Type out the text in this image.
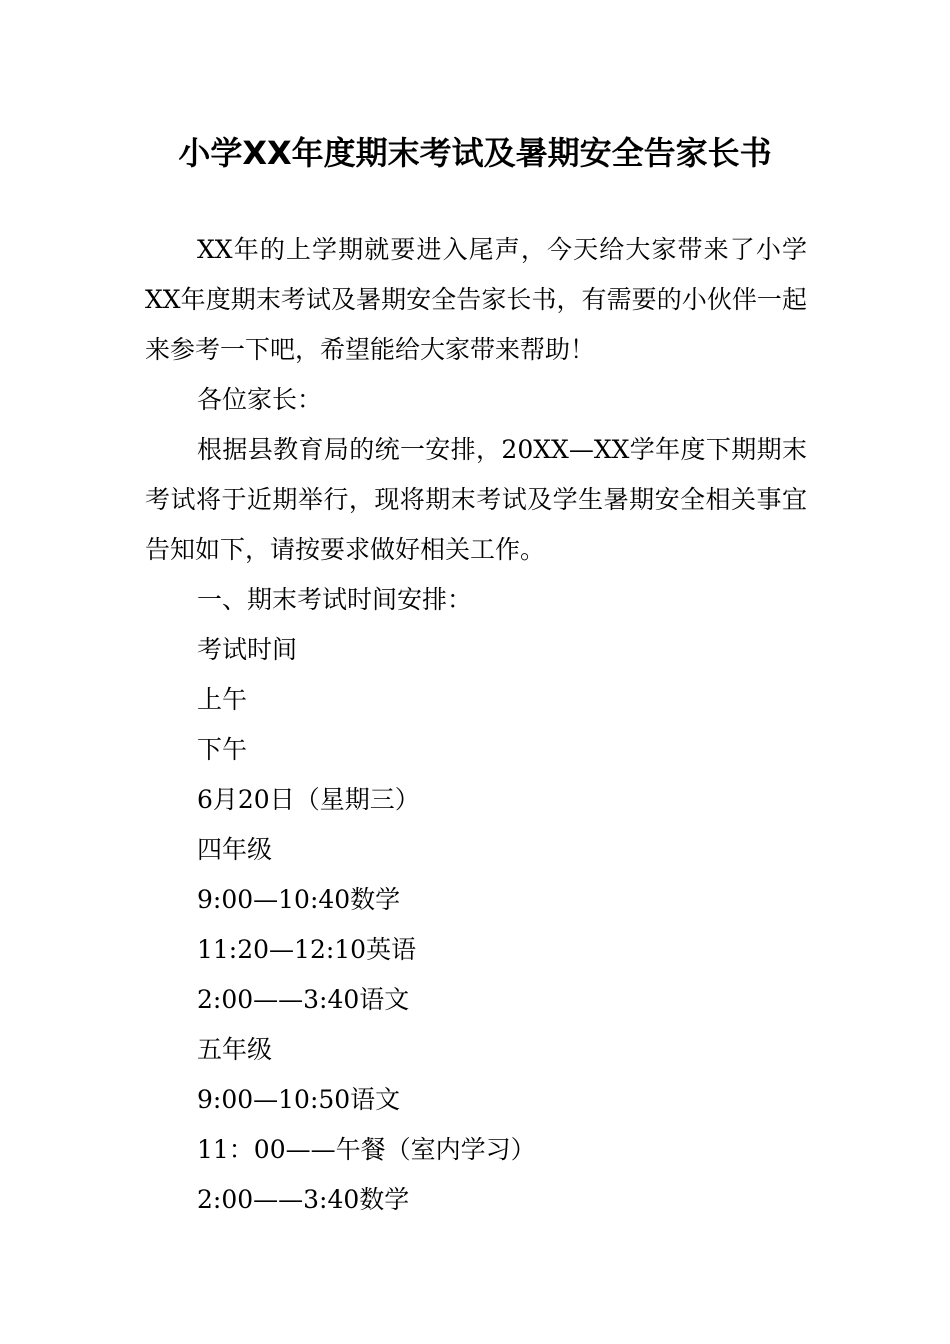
小学XX年度期末考试及暑期安全告家长书

XX年的上学期就要进入尾声，今天给大家带来了小学XX年度期末考试及暑期安全告家长书，有需要的小伙伴一起来参考一下吧，希望能给大家带来帮助！

各位家长：

根据县教育局的统一安排，20XX—XX学年度下期期末考试将于近期举行，现将期末考试及学生暑期安全相关事宜告知如下，请按要求做好相关工作。

一、期末考试时间安排：

考试时间

上午

下午

6月20日（星期三）

四年级

9:00—10:40数学

11:20—12:10英语

2:00——3:40语文

五年级

9:00—10:50语文

11：00——午餐（室内学习）

2:00——3:40数学
